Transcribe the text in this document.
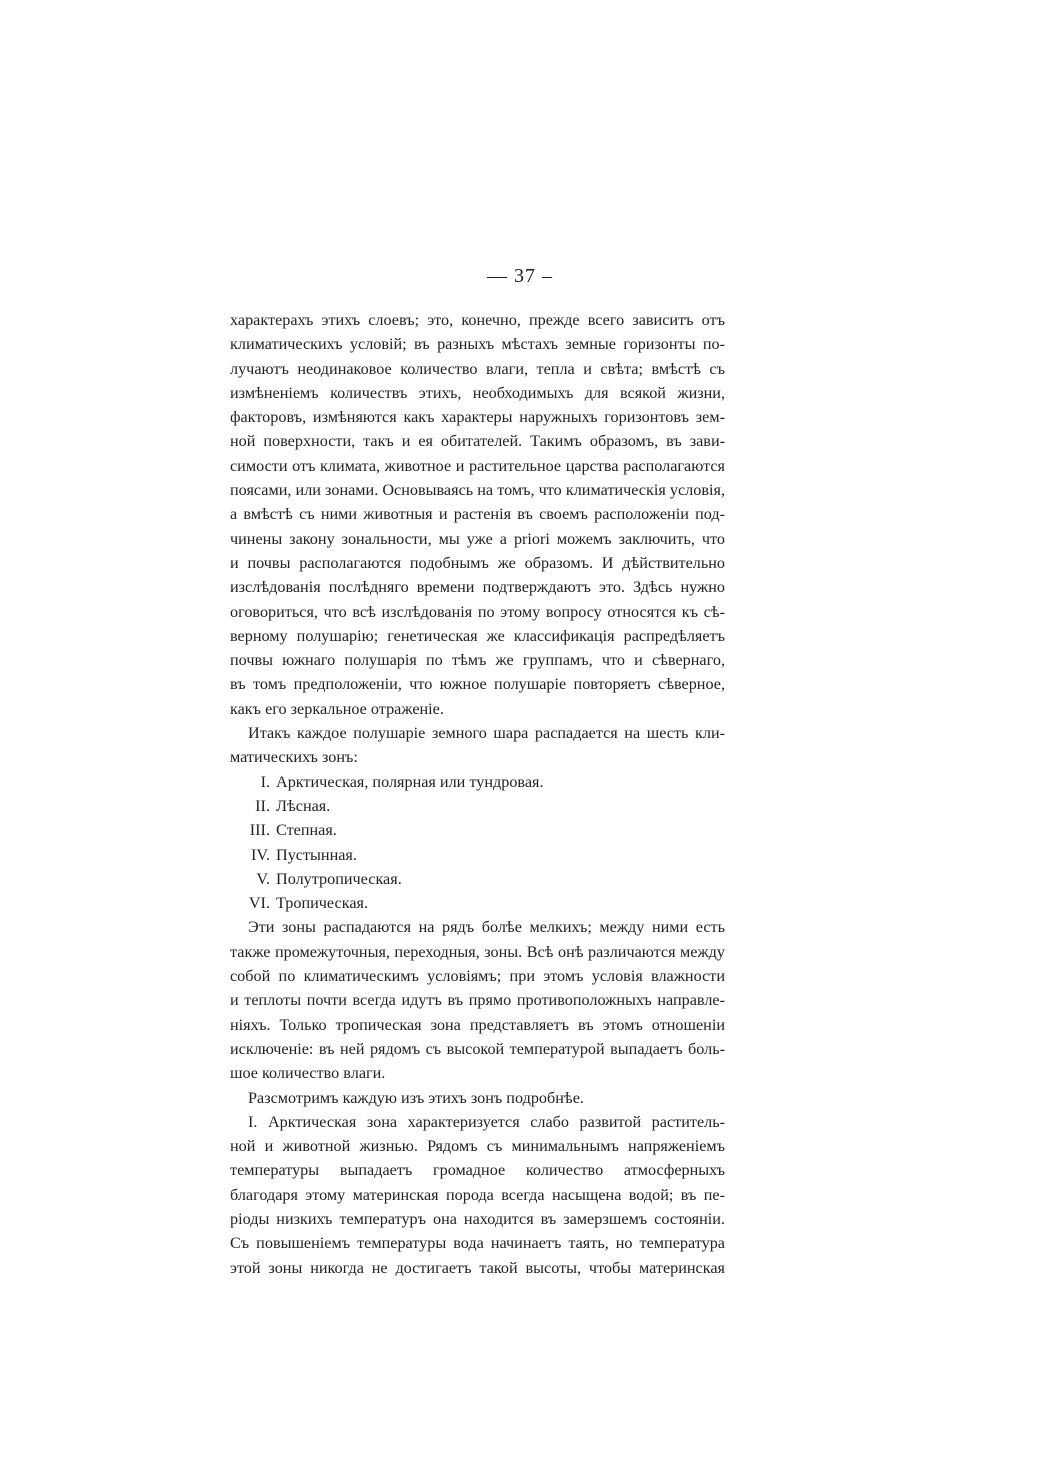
— 37 –
характерахъ этихъ слоевъ; это, конечно, прежде всего зависитъ отъ
климатическихъ условій; въ разныхъ мѣстахъ земные горизонты по-
лучаютъ неодинаковое количество влаги, тепла и свѣта; вмѣстѣ съ
измѣненіемъ количествъ этихъ, необходимыхъ для всякой жизни,
факторовъ, измѣняются какъ характеры наружныхъ горизонтовъ зем-
ной поверхности, такъ и ея обитателей. Такимъ образомъ, въ зави-
симости отъ климата, животное и растительное царства располагаются
поясами, или зонами. Основываясь на томъ, что климатическія условія,
а вмѣстѣ съ ними животныя и растенія въ своемъ расположеніи под-
чинены закону зональности, мы уже a priori можемъ заключить, что
и почвы располагаются подобнымъ же образомъ. И дѣйствительно
изслѣдованія послѣдняго времени подтверждаютъ это. Здѣсь нужно
оговориться, что всѣ изслѣдованія по этому вопросу относятся къ сѣ-
верному полушарію; генетическая же классификація распредѣляетъ
почвы южнаго полушарія по тѣмъ же группамъ, что и сѣвернаго,
въ томъ предположеніи, что южное полушаріе повторяетъ сѣверное,
какъ его зеркальное отраженіе.
Итакъ каждое полушаріе земного шара распадается на шесть кли-
матическихъ зонъ:
I. Арктическая, полярная или тундровая.
II. Лѣсная.
III. Степная.
IV. Пустынная.
V. Полутропическая.
VI. Тропическая.
Эти зоны распадаются на рядъ болѣе мелкихъ; между ними есть
также промежуточныя, переходныя, зоны. Всѣ онѣ различаются между
собой по климатическимъ условіямъ; при этомъ условія влажности
и теплоты почти всегда идутъ въ прямо противоположныхъ направле-
ніяхъ. Только тропическая зона представляетъ въ этомъ отношеніи
исключеніе: въ ней рядомъ съ высокой температурой выпадаетъ боль-
шое количество влаги.
Разсмотримъ каждую изъ этихъ зонъ подробнѣе.
I. Арктическая зона характеризуется слабо развитой раститель-
ной и животной жизнью. Рядомъ съ минимальнымъ напряженіемъ
температуры выпадаетъ громадное количество атмосферныхъ
благодаря этому материнская порода всегда насыщена водой; въ пе-
ріоды низкихъ температуръ она находится въ замерзшемъ состояніи.
Съ повышеніемъ температуры вода начинаетъ таять, но температура
этой зоны никогда не достигаетъ такой высоты, чтобы материнская
